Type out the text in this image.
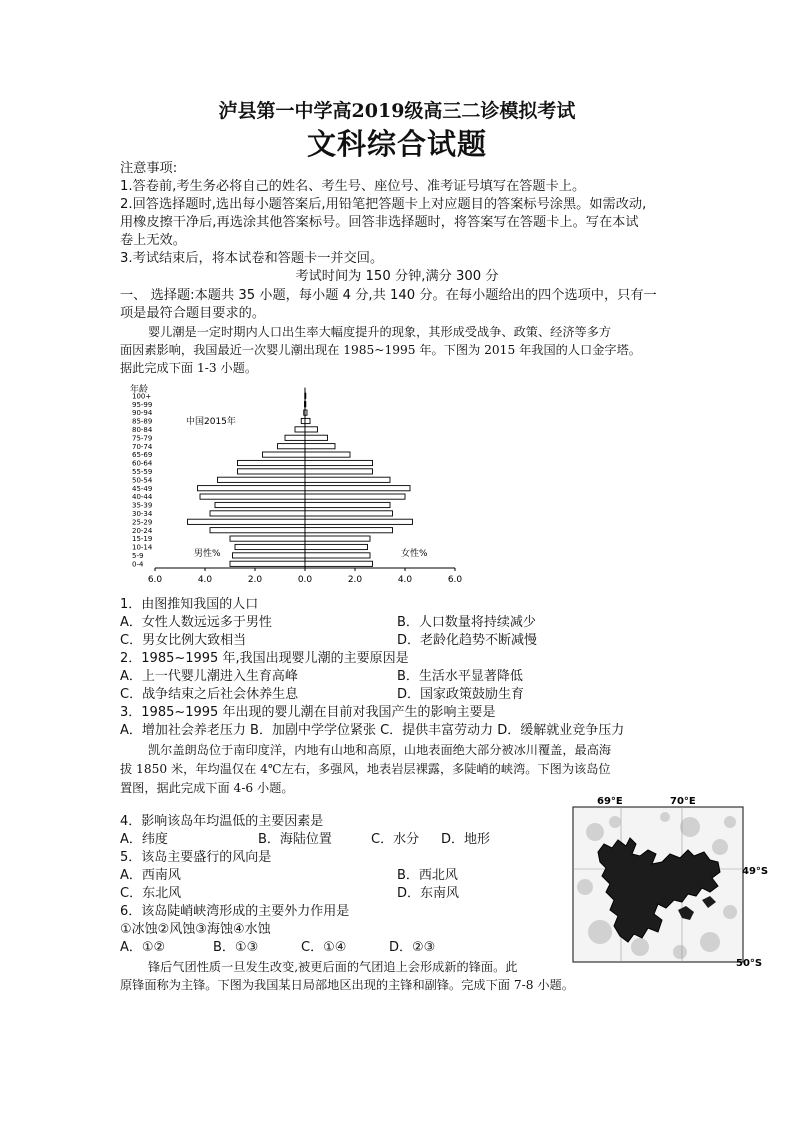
泸县第一中学高2019级高三二诊模拟考试
文科综合试题
注意事项:
1.答卷前,考生务必将自己的姓名、考生号、座位号、准考证号填写在答题卡上。
2.回答选择题时,选出每小题答案后,用铅笔把答题卡上对应题目的答案标号涂黑。如需改动,
用橡皮擦干净后,再选涂其他答案标号。回答非选择题时，将答案写在答题卡上。写在本试
卷上无效。
3.考试结束后，将本试卷和答题卡一并交回。
考试时间为 150 分钟,满分 300 分
一、 选择题:本题共 35 小题，每小题 4 分,共 140 分。在每小题给出的四个选项中，只有一
项是最符合题目要求的。
婴儿潮是一定时期内人口出生率大幅度提升的现象，其形成受战争、政策、经济等多方
面因素影响，我国最近一次婴儿潮出现在 1985~1995 年。下图为 2015 年我国的人口金字塔。
据此完成下面 1-3 小题。
0-4
5-9
10-14
15-19
20-24
25-29
30-34
35-39
40-44
45-49
50-54
55-59
60-64
65-69
70-74
75-79
80-84
85-89
90-94
95-99
100+
6.0	4.0	2.0	0.0	2.0	4.0	6.0
年龄
中国2015年
男性%	女性%
1．由图推知我国的人口
A．女性人数远远多于男性	B．人口数量将持续减少
C．男女比例大致相当	D．老龄化趋势不断减慢
2．1985~1995 年,我国出现婴儿潮的主要原因是
A．上一代婴儿潮进入生育高峰	B．生活水平显著降低
C．战争结束之后社会休养生息	D．国家政策鼓励生育
3．1985~1995 年出现的婴儿潮在目前对我国产生的影响主要是
A．增加社会养老压力 B．加剧中学学位紧张 C．提供丰富劳动力 D．缓解就业竞争压力
凯尔盖朗岛位于南印度洋，内地有山地和高原，山地表面绝大部分被冰川覆盖，最高海
拔 1850 米，年均温仅在 4℃左右，多强风，地表岩层裸露，多陡峭的峡湾。下图为该岛位
置图，据此完成下面 4-6 小题。
69°E	70°E
49°S
50°S
4．影响该岛年均温低的主要因素是
A．纬度	B．海陆位置	C．水分 D．地形
5．该岛主要盛行的风向是
A．西南风	B．西北风
C．东北风	D．东南风
6．该岛陡峭峡湾形成的主要外力作用是
①冰蚀②风蚀③海蚀④水蚀
A．①②	B．①③	C．①④	D．②③
锋后气团性质一旦发生改变,被更后面的气团追上会形成新的锋面。此
原锋面称为主锋。下图为我国某日局部地区出现的主锋和副锋。完成下面 7-8 小题。
